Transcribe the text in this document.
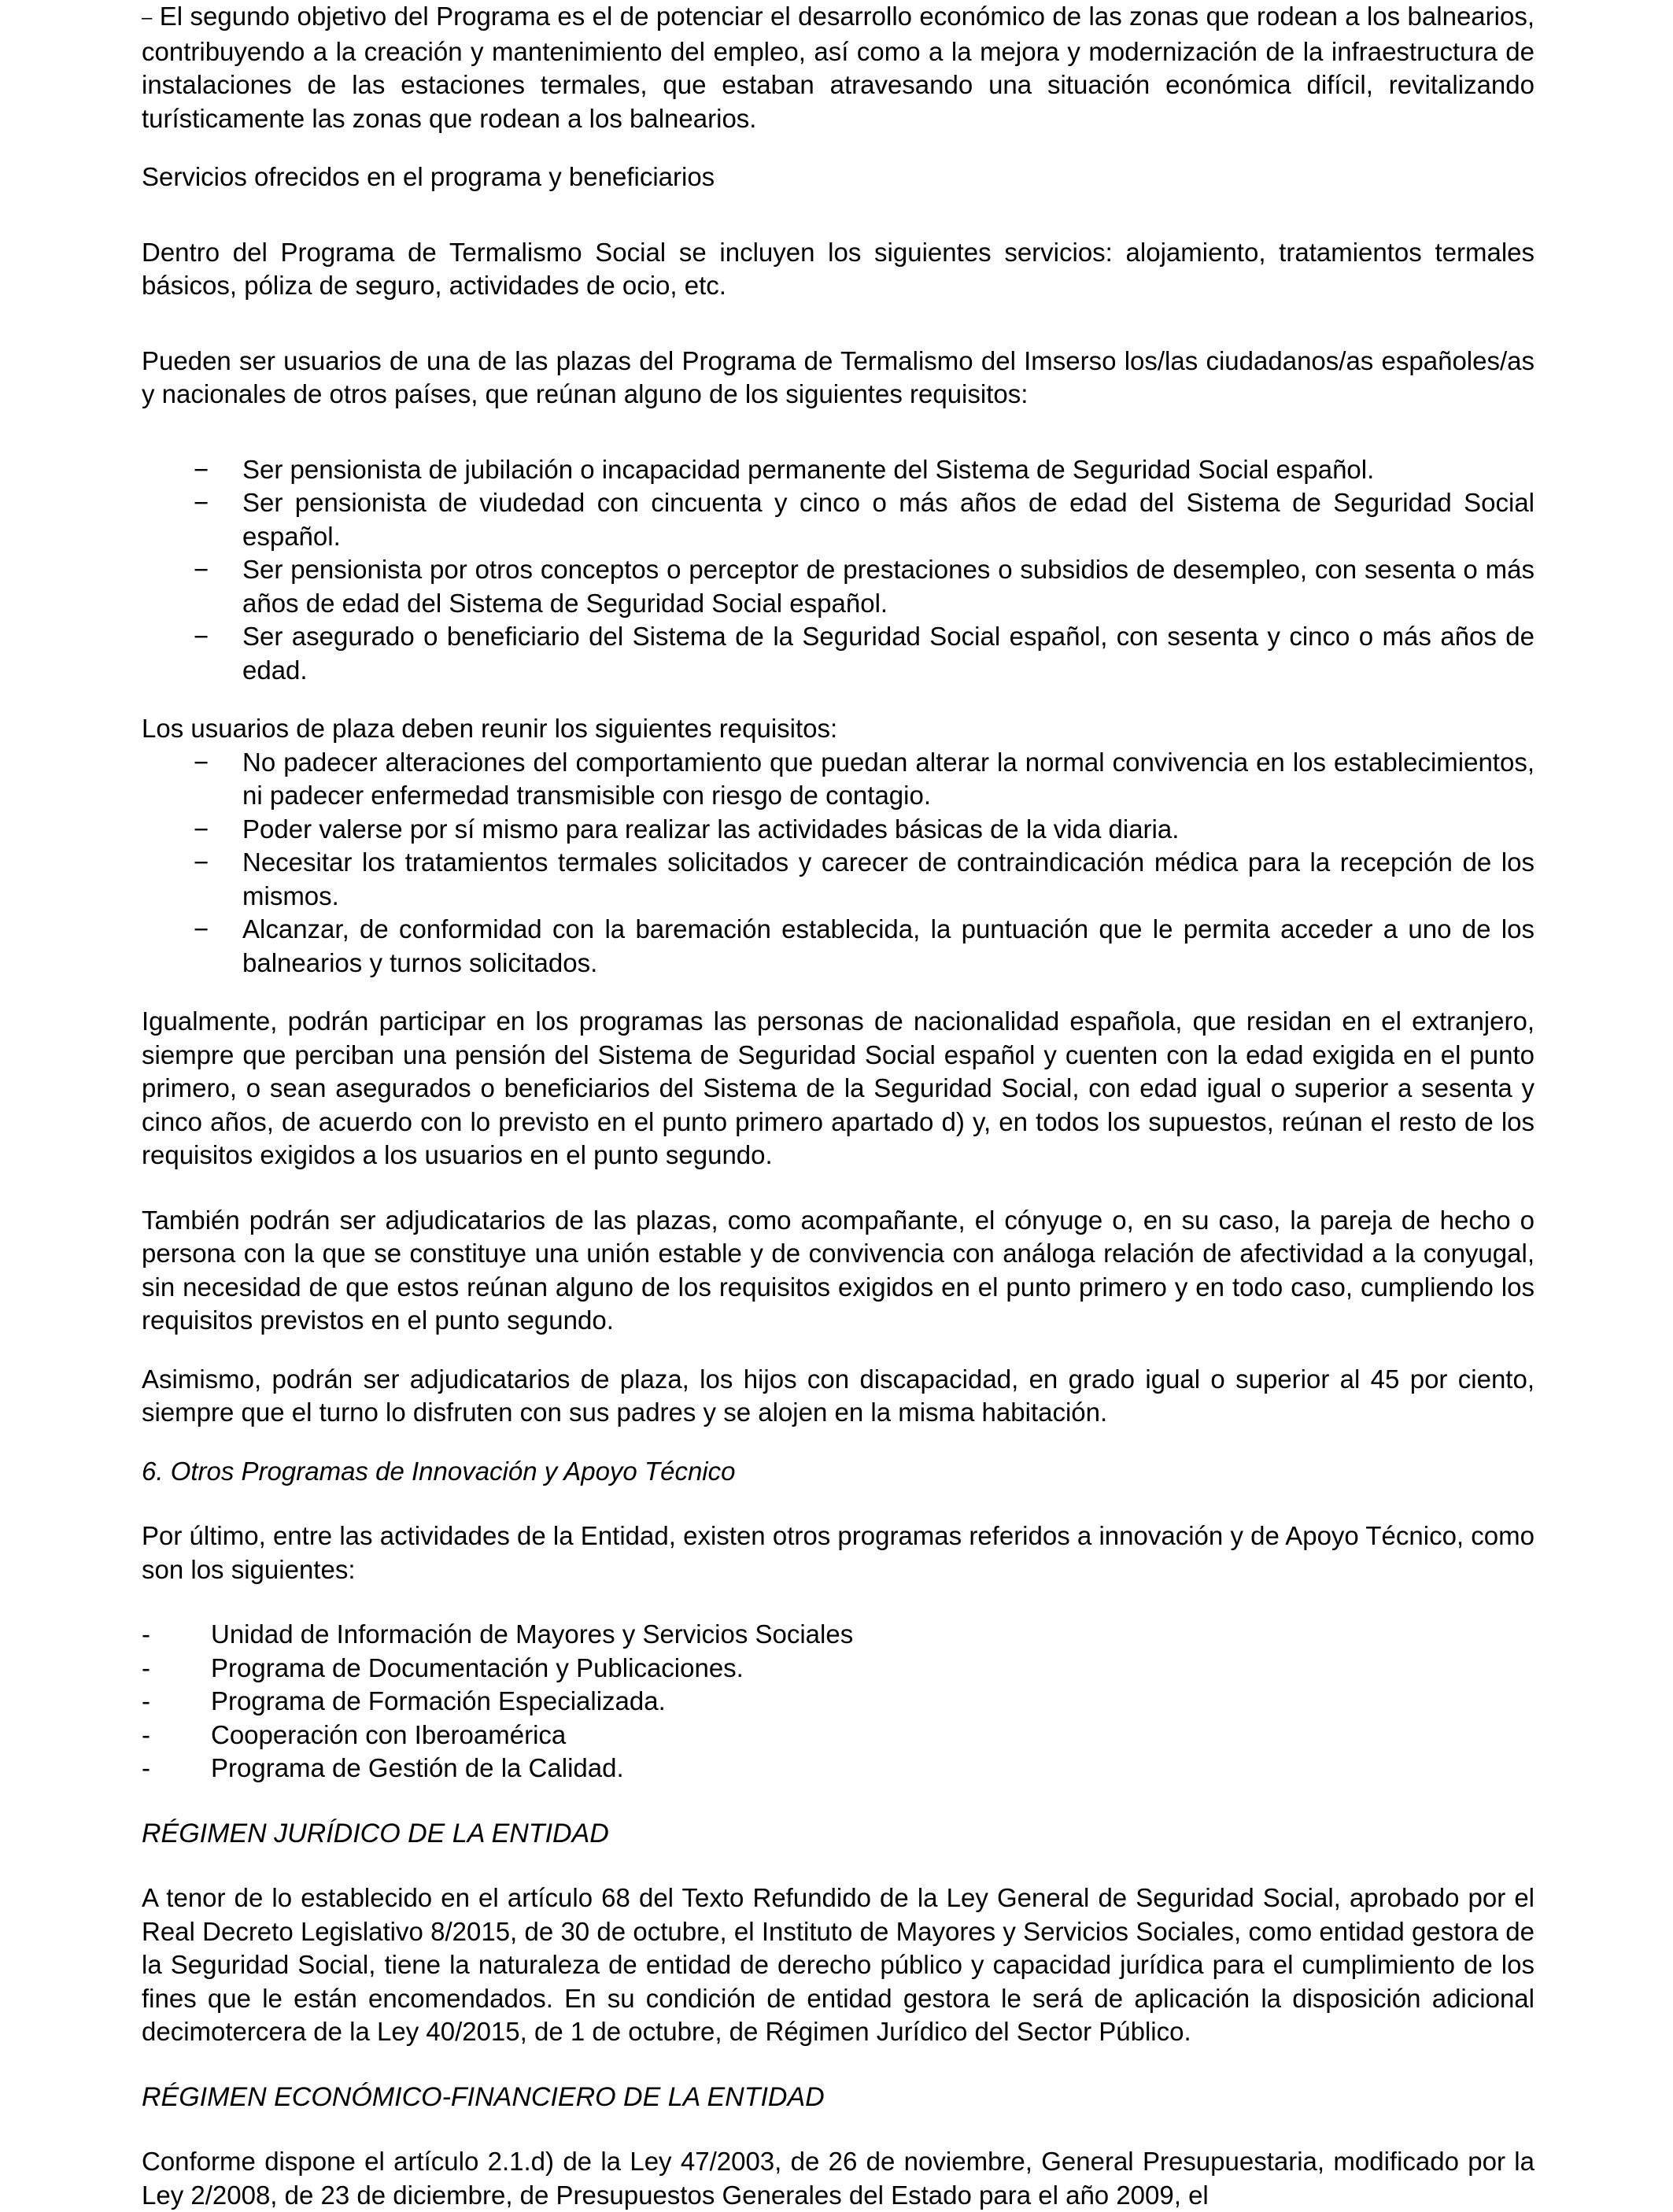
– El segundo objetivo del Programa es el de potenciar el desarrollo económico de las zonas que rodean a los balnearios, contribuyendo a la creación y mantenimiento del empleo, así como a la mejora y modernización de la infraestructura de instalaciones de las estaciones termales, que estaban atravesando una situación económica difícil, revitalizando turísticamente las zonas que rodean a los balnearios.

Servicios ofrecidos en el programa y beneficiarios

Dentro del Programa de Termalismo Social se incluyen los siguientes servicios: alojamiento, tratamientos termales básicos, póliza de seguro, actividades de ocio, etc.

Pueden ser usuarios de una de las plazas del Programa de Termalismo del Imserso los/las ciudadanos/as españoles/as y nacionales de otros países, que reúnan alguno de los siguientes requisitos:

− Ser pensionista de jubilación o incapacidad permanente del Sistema de Seguridad Social español.
− Ser pensionista de viudedad con cincuenta y cinco o más años de edad del Sistema de Seguridad Social español.
− Ser pensionista por otros conceptos o perceptor de prestaciones o subsidios de desempleo, con sesenta o más años de edad del Sistema de Seguridad Social español.
− Ser asegurado o beneficiario del Sistema de la Seguridad Social español, con sesenta y cinco o más años de edad.

Los usuarios de plaza deben reunir los siguientes requisitos:

− No padecer alteraciones del comportamiento que puedan alterar la normal convivencia en los establecimientos, ni padecer enfermedad transmisible con riesgo de contagio.
− Poder valerse por sí mismo para realizar las actividades básicas de la vida diaria.
− Necesitar los tratamientos termales solicitados y carecer de contraindicación médica para la recepción de los mismos.
− Alcanzar, de conformidad con la baremación establecida, la puntuación que le permita acceder a uno de los balnearios y turnos solicitados.

Igualmente, podrán participar en los programas las personas de nacionalidad española, que residan en el extranjero, siempre que perciban una pensión del Sistema de Seguridad Social español y cuenten con la edad exigida en el punto primero, o sean asegurados o beneficiarios del Sistema de la Seguridad Social, con edad igual o superior a sesenta y cinco años, de acuerdo con lo previsto en el punto primero apartado d) y, en todos los supuestos, reúnan el resto de los requisitos exigidos a los usuarios en el punto segundo.

También podrán ser adjudicatarios de las plazas, como acompañante, el cónyuge o, en su caso, la pareja de hecho o persona con la que se constituye una unión estable y de convivencia con análoga relación de afectividad a la conyugal, sin necesidad de que estos reúnan alguno de los requisitos exigidos en el punto primero y en todo caso, cumpliendo los requisitos previstos en el punto segundo.

Asimismo, podrán ser adjudicatarios de plaza, los hijos con discapacidad, en grado igual o superior al 45 por ciento, siempre que el turno lo disfruten con sus padres y se alojen en la misma habitación.

6. Otros Programas de Innovación y Apoyo Técnico

Por último, entre las actividades de la Entidad, existen otros programas referidos a innovación y de Apoyo Técnico, como son los siguientes:

- Unidad de Información de Mayores y Servicios Sociales
- Programa de Documentación y Publicaciones.
- Programa de Formación Especializada.
- Cooperación con Iberoamérica
- Programa de Gestión de la Calidad.

RÉGIMEN JURÍDICO DE LA ENTIDAD

A tenor de lo establecido en el artículo 68 del Texto Refundido de la Ley General de Seguridad Social, aprobado por el Real Decreto Legislativo 8/2015, de 30 de octubre, el Instituto de Mayores y Servicios Sociales, como entidad gestora de la Seguridad Social, tiene la naturaleza de entidad de derecho público y capacidad jurídica para el cumplimiento de los fines que le están encomendados. En su condición de entidad gestora le será de aplicación la disposición adicional decimotercera de la Ley 40/2015, de 1 de octubre, de Régimen Jurídico del Sector Público.

RÉGIMEN ECONÓMICO-FINANCIERO DE LA ENTIDAD

Conforme dispone el artículo 2.1.d) de la Ley 47/2003, de 26 de noviembre, General Presupuestaria, modificado por la Ley 2/2008, de 23 de diciembre, de Presupuestos Generales del Estado para el año 2009, el
